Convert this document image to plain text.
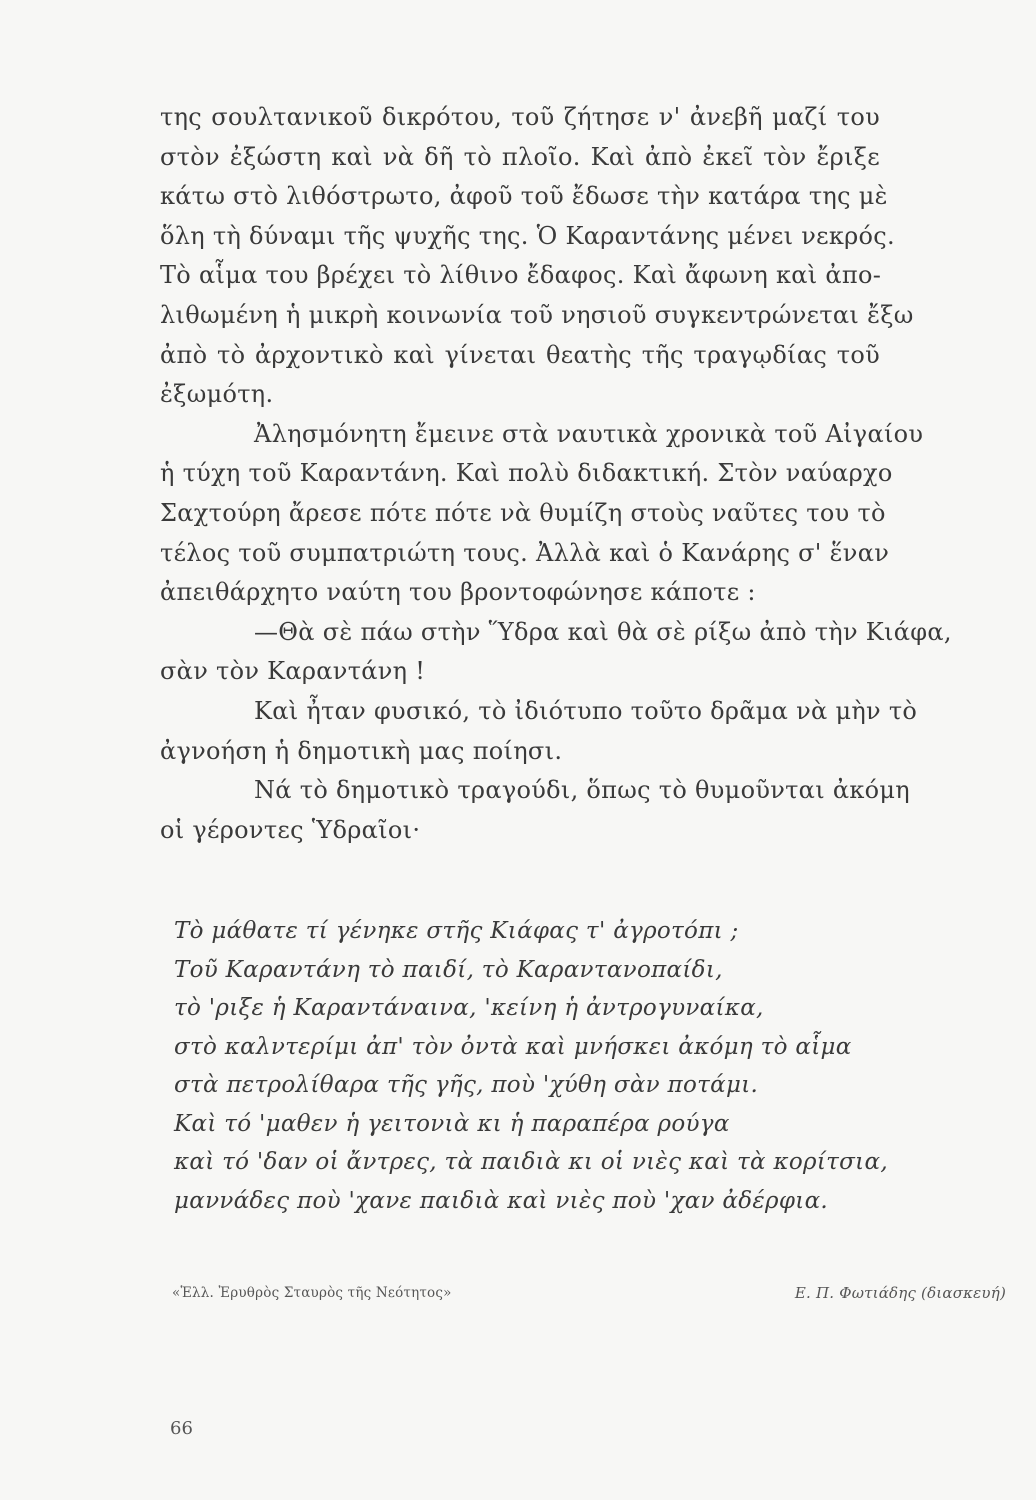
της σουλτανικοῦ δικρότου, τοῦ ζήτησε ν' ἀνεβῆ μαζί του
στὸν ἐξώστη καὶ νὰ δῆ τὸ πλοῖο. Καὶ ἀπὸ ἐκεῖ τὸν ἔριξε
κάτω στὸ λιθόστρωτο, ἀφοῦ τοῦ ἔδωσε τὴν κατάρα της μὲ
ὅλη τὴ δύναμι τῆς ψυχῆς της. Ὁ Καραντάνης μένει νεκρός.
Τὸ αἷμα του βρέχει τὸ λίθινο ἔδαφος. Καὶ ἄφωνη καὶ ἀπο-
λιθωμένη ἡ μικρὴ κοινωνία τοῦ νησιοῦ συγκεντρώνεται ἔξω
ἀπὸ τὸ ἀρχοντικὸ καὶ γίνεται θεατὴς τῆς τραγῳδίας τοῦ
ἐξωμότη.
Ἀλησμόνητη ἔμεινε στὰ ναυτικὰ χρονικὰ τοῦ Αἰγαίου
ἡ τύχη τοῦ Καραντάνη. Καὶ πολὺ διδακτική. Στὸν ναύαρχο
Σαχτούρη ἄρεσε πότε πότε νὰ θυμίζη στοὺς ναῦτες του τὸ
τέλος τοῦ συμπατριώτη τους. Ἀλλὰ καὶ ὁ Κανάρης σ' ἕναν
ἀπειθάρχητο ναύτη του βροντοφώνησε κάποτε :
—Θὰ σὲ πάω στὴν Ὕδρα καὶ θὰ σὲ ρίξω ἀπὸ τὴν Κιάφα,
σὰν τὸν Καραντάνη !
Καὶ ἦταν φυσικό, τὸ ἰδιότυπο τοῦτο δρᾶμα νὰ μὴν τὸ
ἀγνοήση ἡ δημοτικὴ μας ποίησι.
Νά τὸ δημοτικὸ τραγούδι, ὅπως τὸ θυμοῦνται ἀκόμη
οἱ γέροντες Ὑδραῖοι·
Τὸ μάθατε τί γένηκε στῆς Κιάφας τ' ἀγροτόπι ;
Τοῦ Καραντάνη τὸ παιδί, τὸ Καραντανοπαίδι,
τὸ 'ριξε ἡ Καραντάναινα, 'κείνη ἡ ἀντρογυναίκα,
στὸ καλντερίμι ἀπ' τὸν ὀντὰ καὶ μνήσκει ἀκόμη τὸ αἷμα
στὰ πετρολίθαρα τῆς γῆς, ποὺ 'χύθη σὰν ποτάμι.
Καὶ τό 'μαθεν ἡ γειτονιὰ κι ἡ παραπέρα ρούγα
καὶ τό 'δαν οἱ ἄντρες, τὰ παιδιὰ κι οἱ νιὲς καὶ τὰ κορίτσια,
μαννάδες ποὺ 'χανε παιδιὰ καὶ νιὲς ποὺ 'χαν ἀδέρφια.
«Ἑλλ. Ἐρυθρὸς Σταυρὸς τῆς Νεότητος»	Ε. Π. Φωτιάδης (διασκευή)
66
